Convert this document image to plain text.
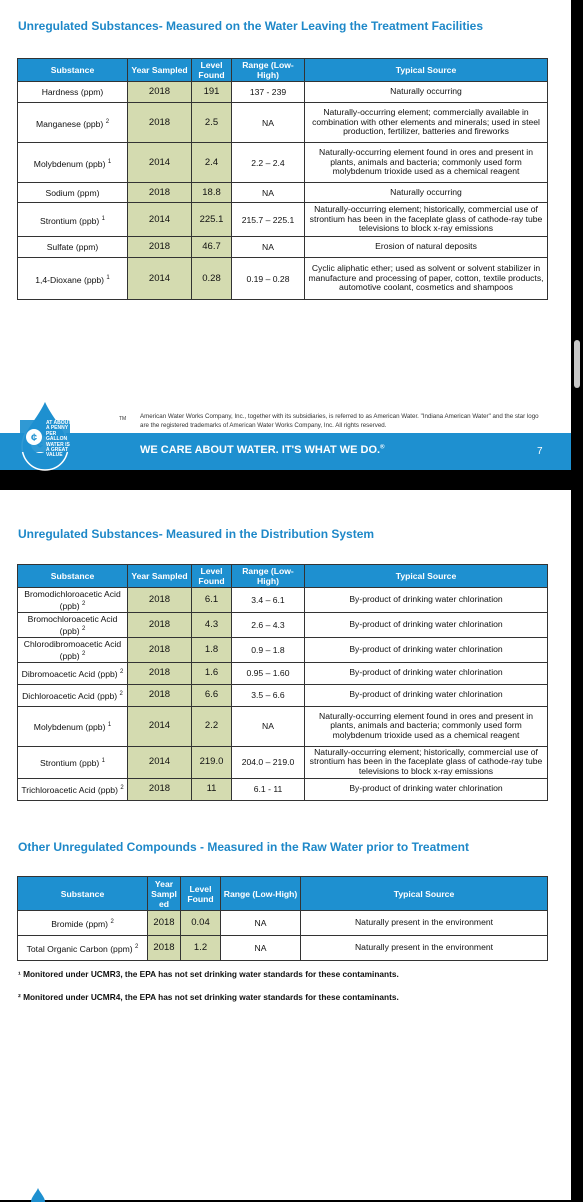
Unregulated Substances- Measured on the Water Leaving the Treatment Facilities
Substance	Year Sampled	Level Found	Range (Low-High)	Typical Source
Hardness (ppm)	2018	191	137 - 239	Naturally occurring
Manganese (ppb) $^2$	2018	2.5	NA	Naturally-occurring element; commercially available in combination with other elements and minerals; used in steel production, fertilizer, batteries and fireworks
Molybdenum (ppb) $^1$	2014	2.4	2.2 – 2.4	Naturally-occurring element found in ores and present in plants, animals and bacteria; commonly used form molybdenum trioxide used as a chemical reagent
Sodium (ppm)	2018	18.8	NA	Naturally occurring
Strontium (ppb) $^1$	2014	225.1	215.7 – 225.1	Naturally-occurring element; historically, commercial use of strontium has been in the faceplate glass of cathode-ray tube televisions to block x-ray emissions
Sulfate (ppm)	2018	46.7	NA	Erosion of natural deposits
1,4-Dioxane (ppb) $^1$	2014	0.28	0.19 – 0.28	Cyclic aliphatic ether; used as solvent or solvent stabilizer in manufacture and processing of paper, cotton, textile products, automotive coolant, cosmetics and shampoos
AT ABOUT A PENNY PER GALLON WATER IS A GREAT VALUE
¢
TM American Water Works Company, Inc., together with its subsidiaries, is referred to as American Water. "Indiana American Water" and the star logo are the registered trademarks of American Water Works Company, Inc. All rights reserved.
WE CARE ABOUT WATER. IT'S WHAT WE DO.®	7
Unregulated Substances- Measured in the Distribution System
Substance	Year Sampled	Level Found	Range (Low-High)	Typical Source
Bromodichloroacetic Acid (ppb) $^2$	2018	6.1	3.4 – 6.1	By-product of drinking water chlorination
Bromochloroacetic Acid (ppb) $^2$	2018	4.3	2.6 – 4.3	By-product of drinking water chlorination
Chlorodibromoacetic Acid (ppb) $^2$	2018	1.8	0.9 – 1.8	By-product of drinking water chlorination
Dibromoacetic Acid (ppb) $^2$	2018	1.6	0.95 – 1.60	By-product of drinking water chlorination
Dichloroacetic Acid (ppb) $^2$	2018	6.6	3.5 – 6.6	By-product of drinking water chlorination
Molybdenum (ppb) $^1$	2014	2.2	NA	Naturally-occurring element found in ores and present in plants, animals and bacteria; commonly used form molybdenum trioxide used as a chemical reagent
Strontium (ppb) $^1$	2014	219.0	204.0 – 219.0	Naturally-occurring element; historically, commercial use of strontium has been in the faceplate glass of cathode-ray tube televisions to block x-ray emissions
Trichloroacetic Acid (ppb) $^2$	2018	11	6.1 - 11	By-product of drinking water chlorination
Other Unregulated Compounds - Measured in the Raw Water prior to Treatment
Substance	Year Sampl ed	Level Found	Range (Low-High)	Typical Source
Bromide (ppm) $^2$	2018	0.04	NA	Naturally present in the environment
Total Organic Carbon (ppm) $^2$	2018	1.2	NA	Naturally present in the environment
¹ Monitored under UCMR3, the EPA has not set drinking water standards for these contaminants.
² Monitored under UCMR4, the EPA has not set drinking water standards for these contaminants.
